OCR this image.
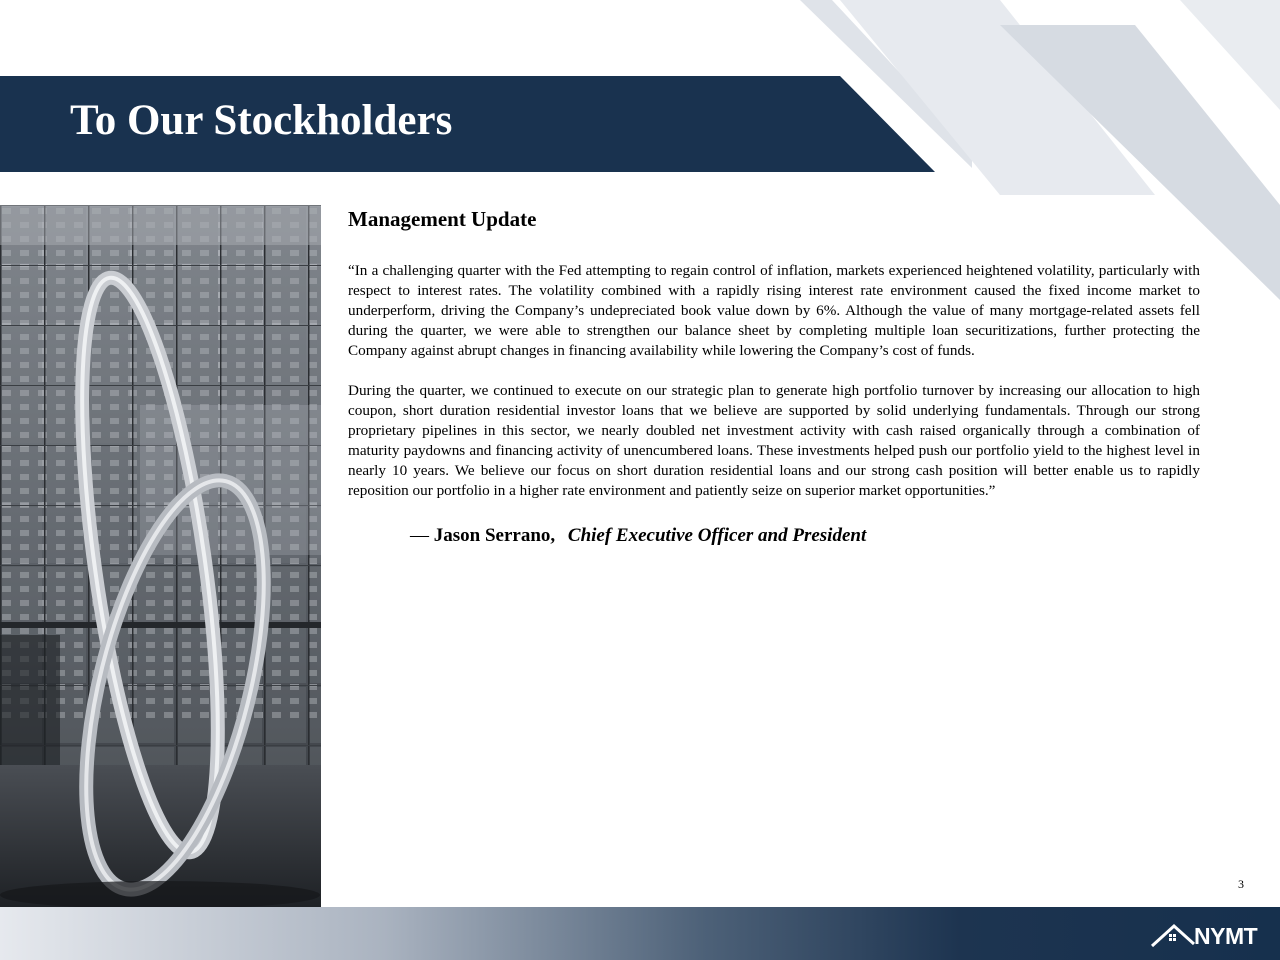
To Our Stockholders
Management Update

“In a challenging quarter with the Fed attempting to regain control of inflation, markets experienced heightened volatility, particularly with respect to interest rates. The volatility combined with a rapidly rising interest rate environment caused the fixed income market to underperform, driving the Company’s undepreciated book value down by 6%. Although the value of many mortgage-related assets fell during the quarter, we were able to strengthen our balance sheet by completing multiple loan securitizations, further protecting the Company against abrupt changes in financing availability while lowering the Company’s cost of funds.

During the quarter, we continued to execute on our strategic plan to generate high portfolio turnover by increasing our allocation to high coupon, short duration residential investor loans that we believe are supported by solid underlying fundamentals. Through our strong proprietary pipelines in this sector, we nearly doubled net investment activity with cash raised organically through a combination of maturity paydowns and financing activity of unencumbered loans. These investments helped push our portfolio yield to the highest level in nearly 10 years. We believe our focus on short duration residential loans and our strong cash position will better enable us to rapidly reposition our portfolio in a higher rate environment and patiently seize on superior market opportunities.”

— Jason Serrano, Chief Executive Officer and President
3
NYMT
